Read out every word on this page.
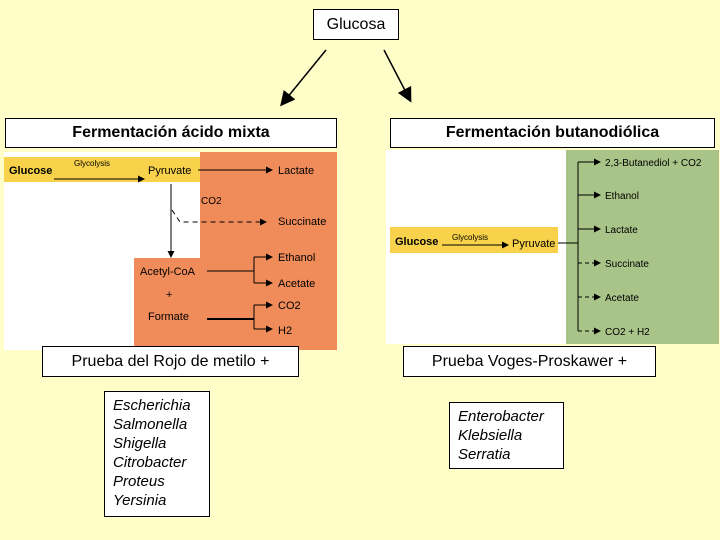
Glucosa
Fermentación ácido mixta	Fermentación butanodiólica
Glucose
Glycolysis
Pyruvate	Lactate
CO2
Succinate
Acetyl-CoA
+
Formate
Ethanol
Acetate
CO2
H2
Glucose Glycolysis
Pyruvate
2,3-Butanediol + CO2
Ethanol
Lactate
Succinate
Acetate
CO2 + H2
Prueba del Rojo de metilo +	Prueba Voges-Proskawer +
Escherichia
Salmonella
Shigella
Citrobacter
Proteus
Yersinia
Enterobacter
Klebsiella
Serratia
